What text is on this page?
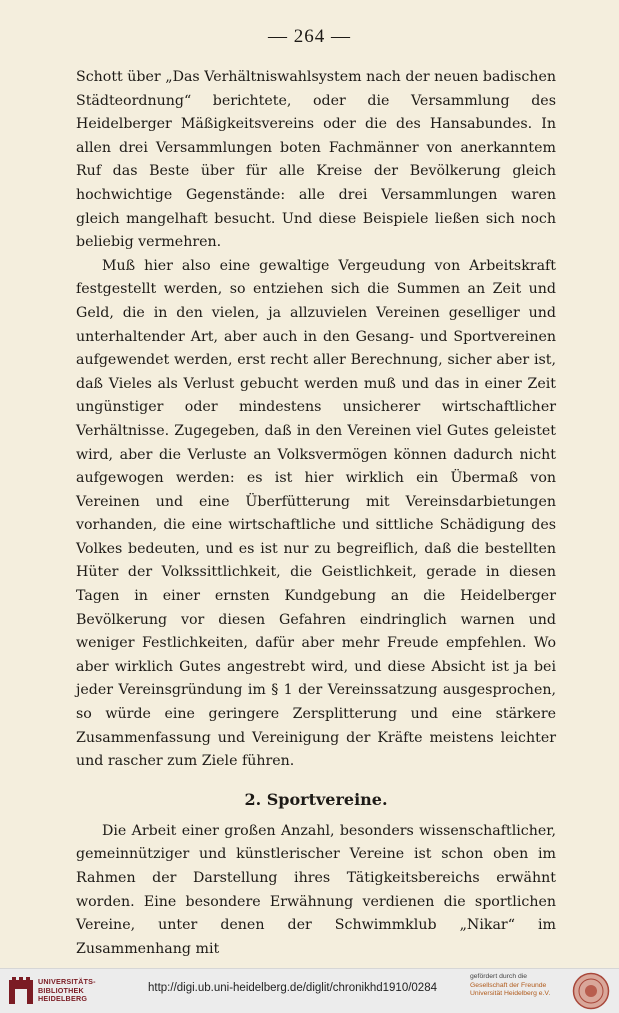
— 264 —

Schott über „Das Verhältniswahlsystem nach der neuen badischen Städteordnung“ berichtete, oder die Versammlung des Heidelberger Mäßigkeitsvereins oder die des Hansabundes. In allen drei Versammlungen boten Fachmänner von anerkanntem Ruf das Beste über für alle Kreise der Bevölkerung gleich hochwichtige Gegenstände: alle drei Versammlungen waren gleich mangelhaft besucht. Und diese Beispiele ließen sich noch beliebig vermehren.

Muß hier also eine gewaltige Vergeudung von Arbeitskraft festgestellt werden, so entziehen sich die Summen an Zeit und Geld, die in den vielen, ja allzuvielen Vereinen geselliger und unterhaltender Art, aber auch in den Gesang- und Sportvereinen aufgewendet werden, erst recht aller Berechnung, sicher aber ist, daß Vieles als Verlust gebucht werden muß und das in einer Zeit ungünstiger oder mindestens unsicherer wirtschaftlicher Verhältnisse. Zugegeben, daß in den Vereinen viel Gutes geleistet wird, aber die Verluste an Volksvermögen können dadurch nicht aufgewogen werden: es ist hier wirklich ein Übermaß von Vereinen und eine Überfütterung mit Vereinsdarbietungen vorhanden, die eine wirtschaftliche und sittliche Schädigung des Volkes bedeuten, und es ist nur zu begreiflich, daß die bestellten Hüter der Volkssittlichkeit, die Geistlichkeit, gerade in diesen Tagen in einer ernsten Kundgebung an die Heidelberger Bevölkerung vor diesen Gefahren eindringlich warnen und weniger Festlichkeiten, dafür aber mehr Freude empfehlen. Wo aber wirklich Gutes angestrebt wird, und diese Absicht ist ja bei jeder Vereinsgründung im § 1 der Vereinssatzung ausgesprochen, so würde eine geringere Zersplitterung und eine stärkere Zusammenfassung und Vereinigung der Kräfte meistens leichter und rascher zum Ziele führen.

2. Sportvereine.

Die Arbeit einer großen Anzahl, besonders wissenschaftlicher, gemeinnütziger und künstlerischer Vereine ist schon oben im Rahmen der Darstellung ihres Tätigkeitsbereichs erwähnt worden. Eine besondere Erwähnung verdienen die sportlichen Vereine, unter denen der Schwimmklub „Nikar“ im Zusammenhang mit

UNIVERSITÄTS-
BIBLIOTHEK
HEIDELBERG
http://digi.ub.uni-heidelberg.de/diglit/chronikhd1910/0284
gefördert durch die
Gesellschaft der Freunde
Universität Heidelberg e.V.
